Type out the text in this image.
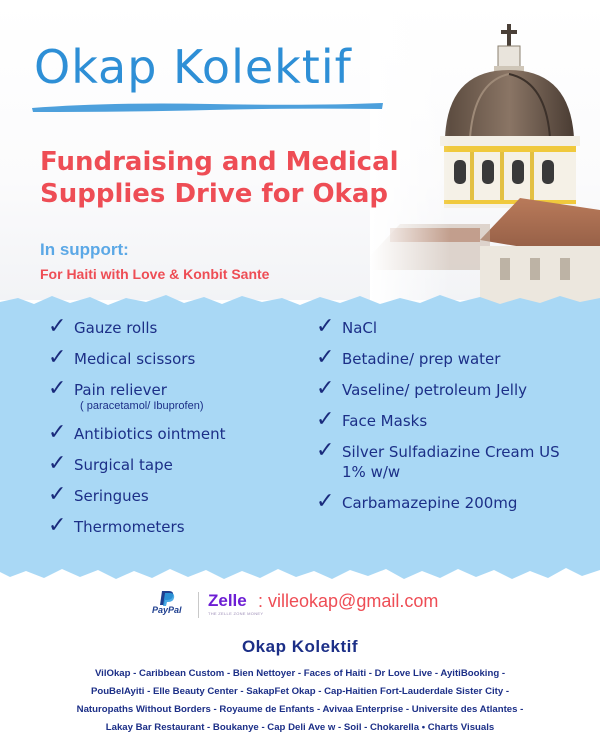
Okap Kolektif
Fundraising and Medical
Supplies Drive for Okap

In support:

For Haiti with Love & Konbit Sante

✓ Gauze rolls
✓ Medical scissors
✓ Pain reliever
( paracetamol/ Ibuprofen)
✓ Antibiotics ointment
✓ Surgical tape
✓ Seringues
✓ Thermometers
✓ NaCl
✓ Betadine/ prep water
✓ Vaseline/ petroleum Jelly
✓ Face Masks
✓ Silver Sulfadiazine Cream US 1% w/w
✓ Carbamazepine 200mg
PayPal Zelle
THE ZELLE ZONE MONEY
: villeokap@gmail.com

Okap Kolektif

VilOkap - Caribbean Custom - Bien Nettoyer - Faces of Haiti - Dr Love Live - AyitiBooking -
PouBelAyiti - Elle Beauty Center - SakapFet Okap - Cap-Haitien Fort-Lauderdale Sister City -
Naturopaths Without Borders - Royaume de Enfants - Avivaa Enterprise - Universite des Atlantes -
Lakay Bar Restaurant - Boukanye - Cap Deli Ave w - Soil - Chokarella • Charts Visuals
